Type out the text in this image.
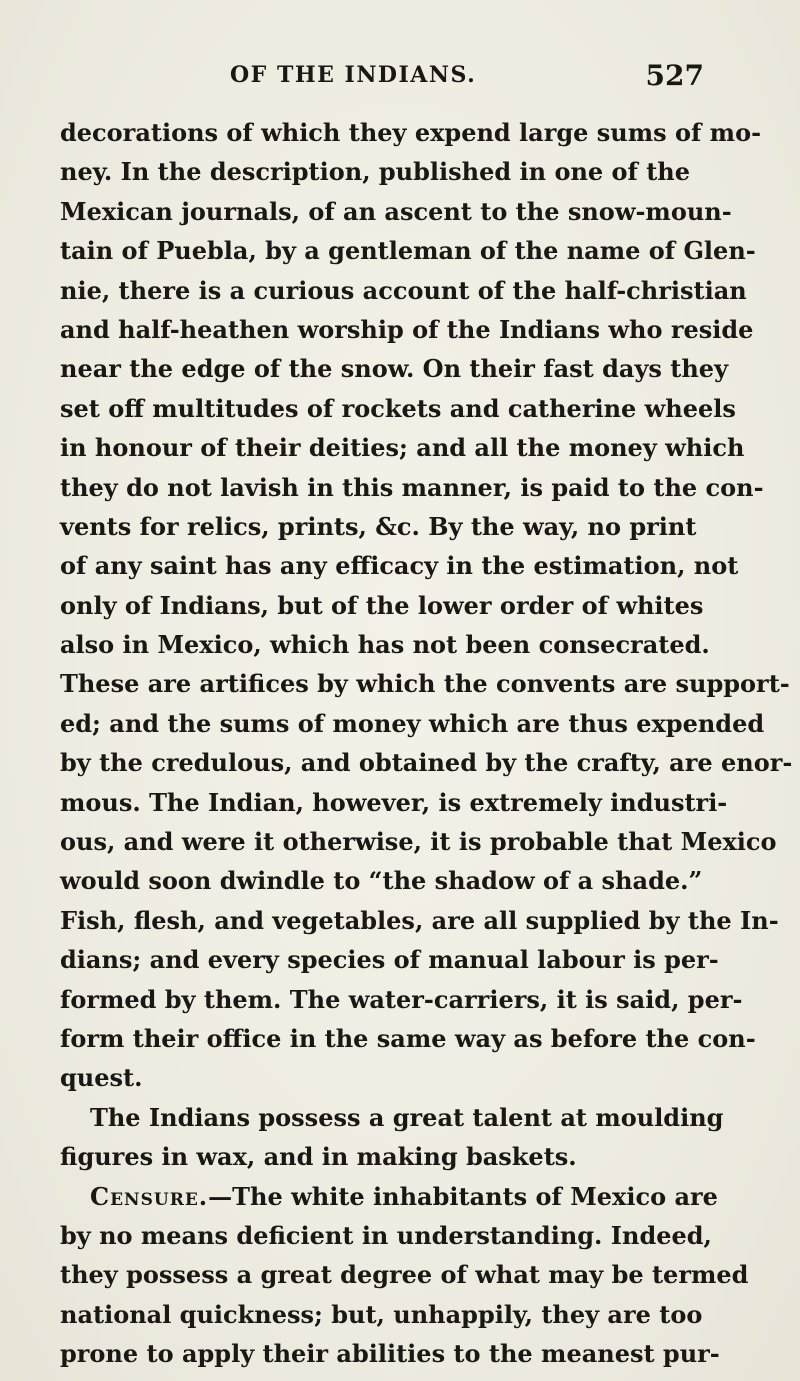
OF THE INDIANS.	527
decorations of which they expend large sums of mo-
ney. In the description, published in one of the
Mexican journals, of an ascent to the snow-moun-
tain of Puebla, by a gentleman of the name of Glen-
nie, there is a curious account of the half-christian
and half-heathen worship of the Indians who reside
near the edge of the snow. On their fast days they
set off multitudes of rockets and catherine wheels
in honour of their deities; and all the money which
they do not lavish in this manner, is paid to the con-
vents for relics, prints, &c. By the way, no print
of any saint has any efficacy in the estimation, not
only of Indians, but of the lower order of whites
also in Mexico, which has not been consecrated.
These are artifices by which the convents are support-
ed; and the sums of money which are thus expended
by the credulous, and obtained by the crafty, are enor-
mous. The Indian, however, is extremely industri-
ous, and were it otherwise, it is probable that Mexico
would soon dwindle to “the shadow of a shade.”
Fish, flesh, and vegetables, are all supplied by the In-
dians; and every species of manual labour is per-
formed by them. The water-carriers, it is said, per-
form their office in the same way as before the con-
quest.
The Indians possess a great talent at moulding
figures in wax, and in making baskets.
Censure.—The white inhabitants of Mexico are
by no means deficient in understanding. Indeed,
they possess a great degree of what may be termed
national quickness; but, unhappily, they are too
prone to apply their abilities to the meanest pur-
